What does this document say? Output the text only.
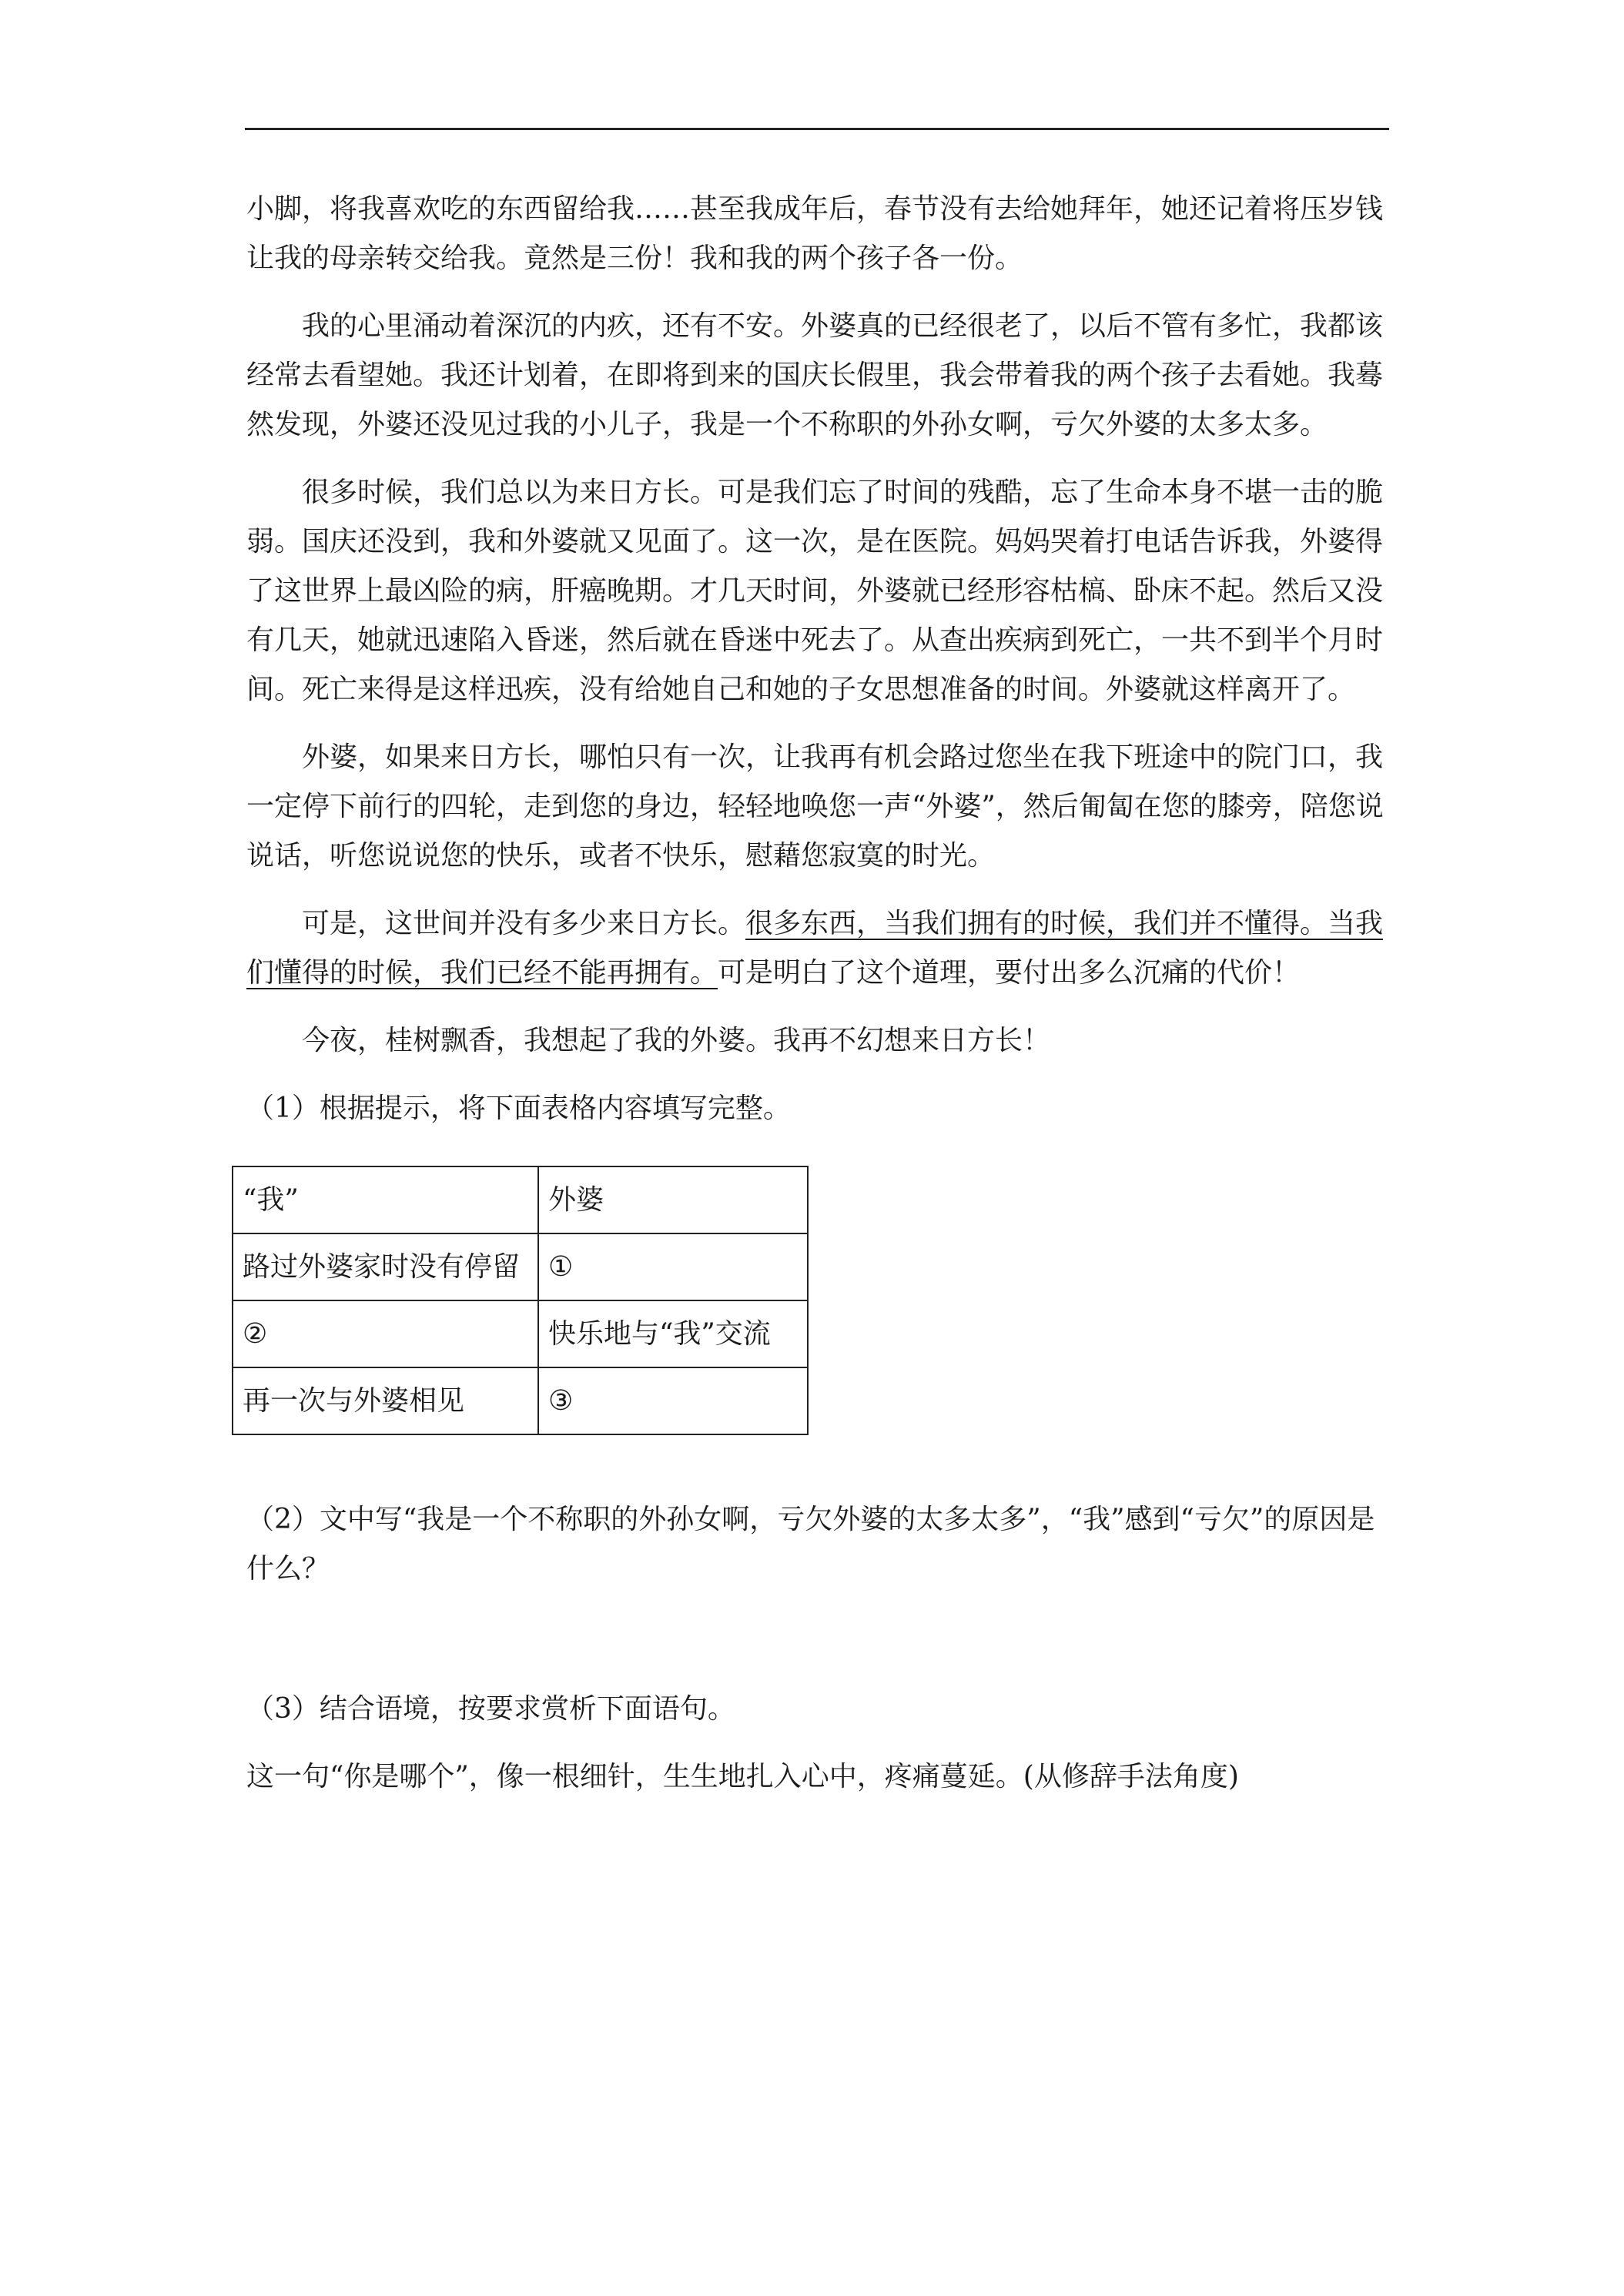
小脚，将我喜欢吃的东西留给我……甚至我成年后，春节没有去给她拜年，她还记着将压岁钱让我的母亲转交给我。竟然是三份！我和我的两个孩子各一份。

我的心里涌动着深沉的内疚，还有不安。外婆真的已经很老了，以后不管有多忙，我都该经常去看望她。我还计划着，在即将到来的国庆长假里，我会带着我的两个孩子去看她。我蓦然发现，外婆还没见过我的小儿子，我是一个不称职的外孙女啊，亏欠外婆的太多太多。

很多时候，我们总以为来日方长。可是我们忘了时间的残酷，忘了生命本身不堪一击的脆弱。国庆还没到，我和外婆就又见面了。这一次，是在医院。妈妈哭着打电话告诉我，外婆得了这世界上最凶险的病，肝癌晚期。才几天时间，外婆就已经形容枯槁、卧床不起。然后又没有几天，她就迅速陷入昏迷，然后就在昏迷中死去了。从查出疾病到死亡，一共不到半个月时间。死亡来得是这样迅疾，没有给她自己和她的子女思想准备的时间。外婆就这样离开了。

外婆，如果来日方长，哪怕只有一次，让我再有机会路过您坐在我下班途中的院门口，我一定停下前行的四轮，走到您的身边，轻轻地唤您一声“外婆”，然后匍匐在您的膝旁，陪您说说话，听您说说您的快乐，或者不快乐，慰藉您寂寞的时光。

可是，这世间并没有多少来日方长。很多东西，当我们拥有的时候，我们并不懂得。当我们懂得的时候，我们已经不能再拥有。可是明白了这个道理，要付出多么沉痛的代价！

今夜，桂树飘香，我想起了我的外婆。我再不幻想来日方长！

（1）根据提示，将下面表格内容填写完整。

“我”	外婆
路过外婆家时没有停留	①
②	快乐地与“我”交流
再一次与外婆相见	③

（2）文中写“我是一个不称职的外孙女啊，亏欠外婆的太多太多”，“我”感到“亏欠”的原因是什么？

（3）结合语境，按要求赏析下面语句。

这一句“你是哪个”，像一根细针，生生地扎入心中，疼痛蔓延。(从修辞手法角度)
